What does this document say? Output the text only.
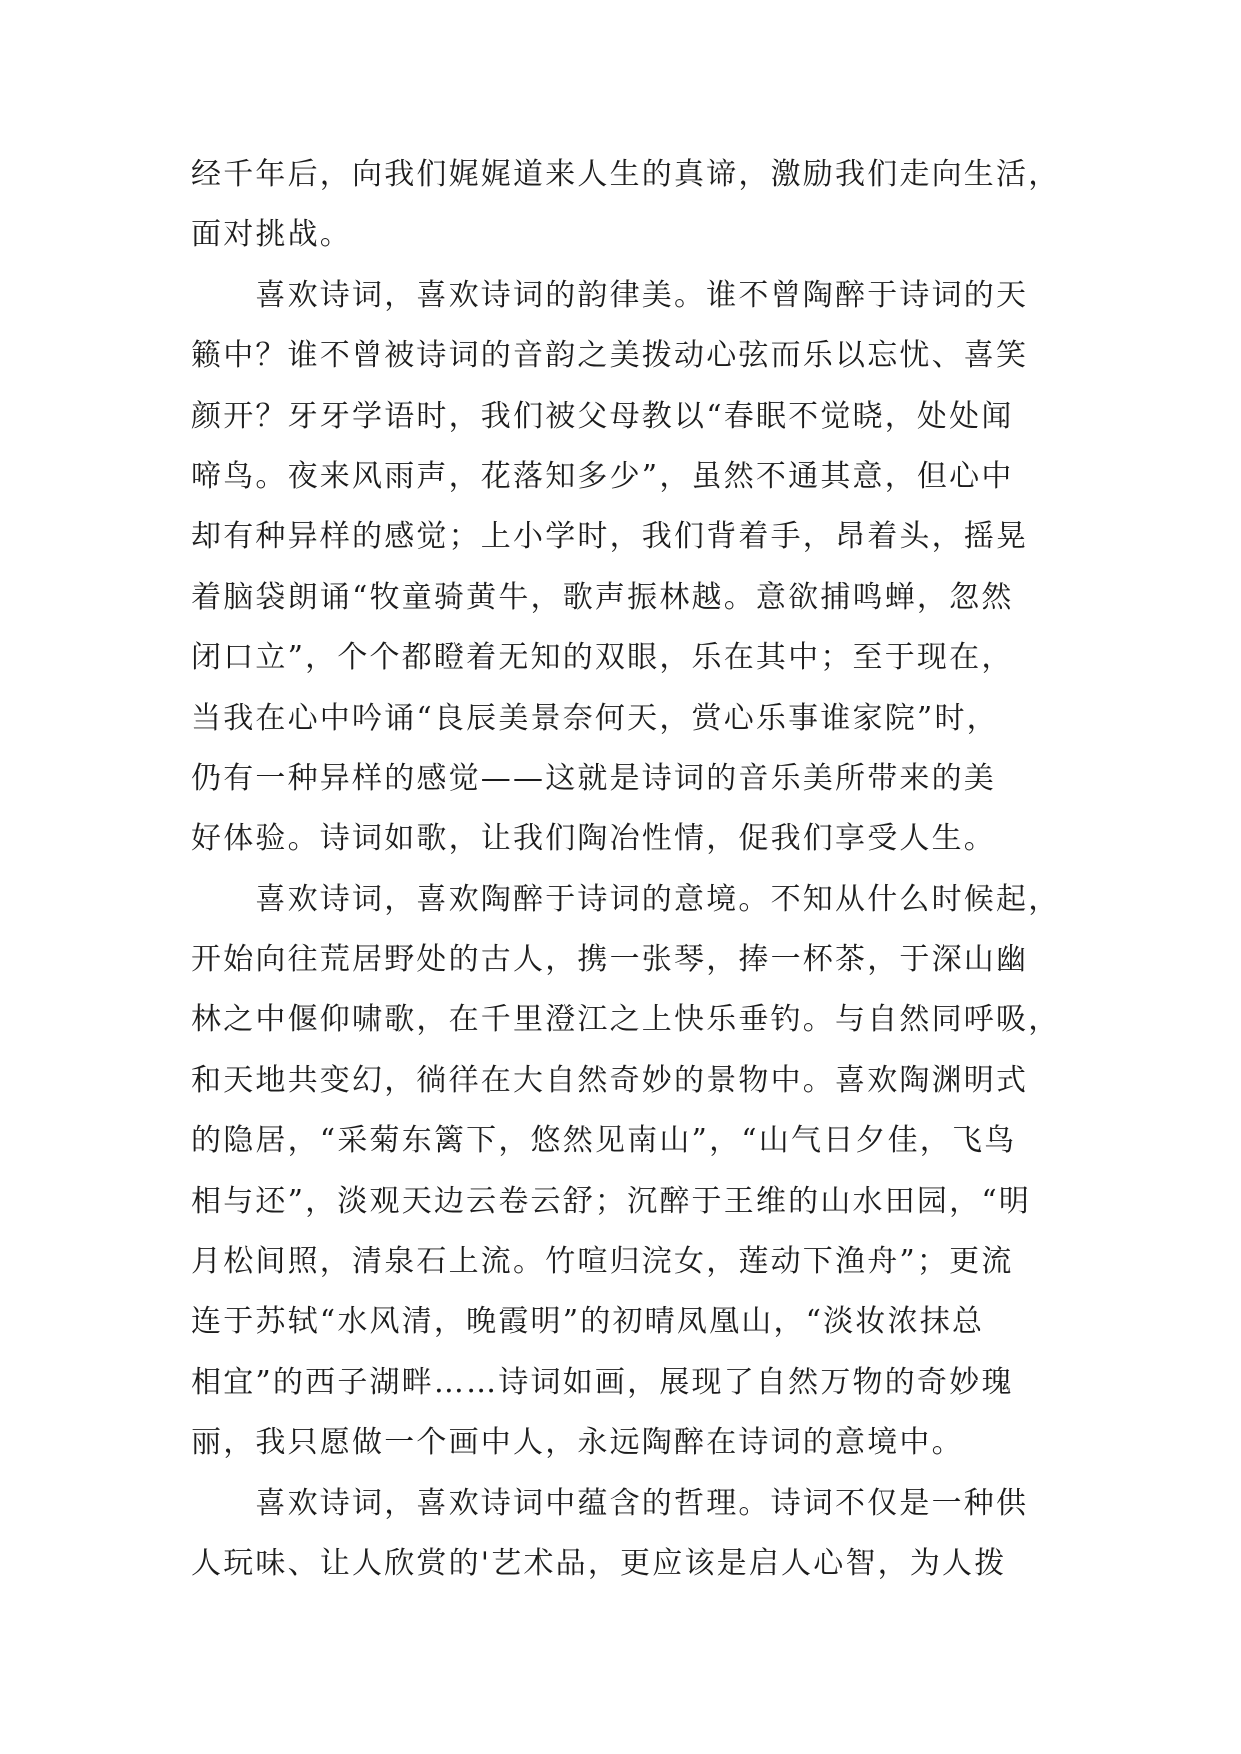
经千年后，向我们娓娓道来人生的真谛，激励我们走向生活，
面对挑战。
　　喜欢诗词，喜欢诗词的韵律美。谁不曾陶醉于诗词的天
籁中？谁不曾被诗词的音韵之美拨动心弦而乐以忘忧、喜笑
颜开？牙牙学语时，我们被父母教以“春眠不觉晓，处处闻
啼鸟。夜来风雨声，花落知多少”，虽然不通其意，但心中
却有种异样的感觉；上小学时，我们背着手，昂着头，摇晃
着脑袋朗诵“牧童骑黄牛，歌声振林越。意欲捕鸣蝉，忽然
闭口立”，个个都瞪着无知的双眼，乐在其中；至于现在，
当我在心中吟诵“良辰美景奈何天，赏心乐事谁家院”时，
仍有一种异样的感觉——这就是诗词的音乐美所带来的美
好体验。诗词如歌，让我们陶冶性情，促我们享受人生。
　　喜欢诗词，喜欢陶醉于诗词的意境。不知从什么时候起，
开始向往荒居野处的古人，携一张琴，捧一杯茶，于深山幽
林之中偃仰啸歌，在千里澄江之上快乐垂钓。与自然同呼吸，
和天地共变幻，徜徉在大自然奇妙的景物中。喜欢陶渊明式
的隐居，“采菊东篱下，悠然见南山”，“山气日夕佳，飞鸟
相与还”，淡观天边云卷云舒；沉醉于王维的山水田园，“明
月松间照，清泉石上流。竹喧归浣女，莲动下渔舟”；更流
连于苏轼“水风清，晚霞明”的初晴凤凰山，“淡妆浓抹总
相宜”的西子湖畔……诗词如画，展现了自然万物的奇妙瑰
丽，我只愿做一个画中人，永远陶醉在诗词的意境中。
　　喜欢诗词，喜欢诗词中蕴含的哲理。诗词不仅是一种供
人玩味、让人欣赏的'艺术品，更应该是启人心智，为人拨
